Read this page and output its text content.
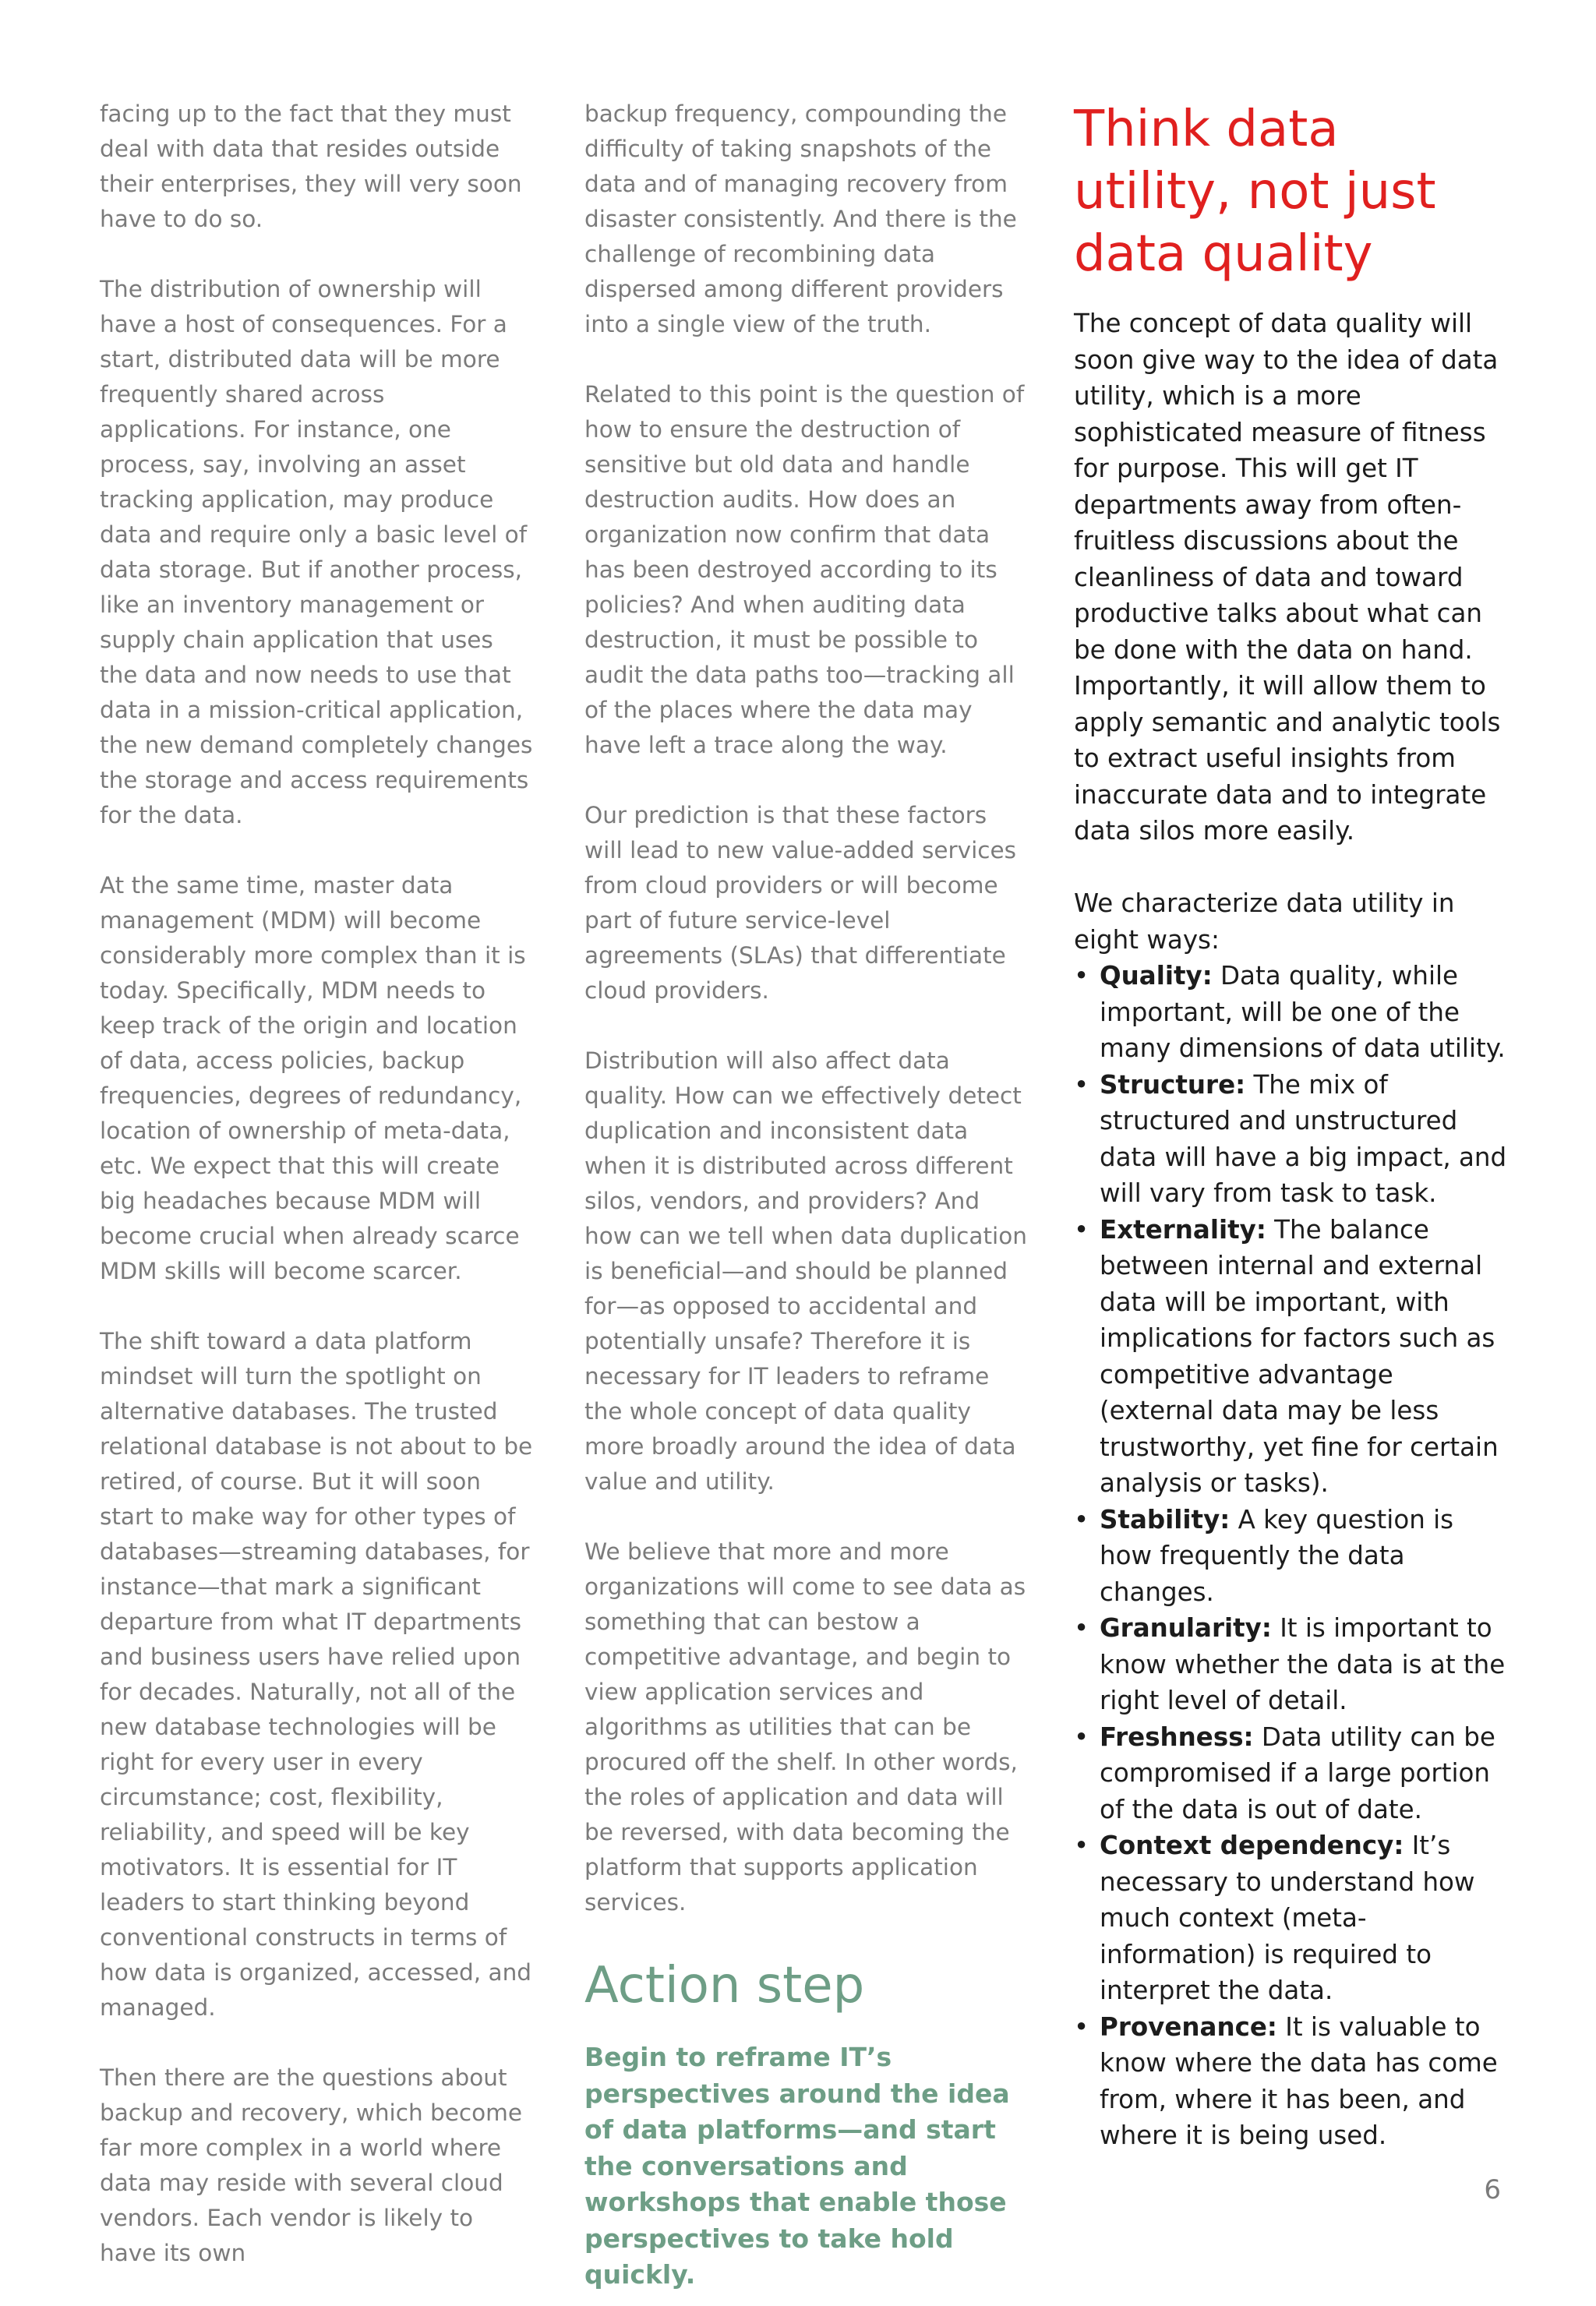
facing up to the fact that they must deal with data that resides outside their enterprises, they will very soon have to do so.

The distribution of ownership will have a host of consequences. For a start, distributed data will be more frequently shared across applications. For instance, one process, say, involving an asset tracking application, may produce data and require only a basic level of data storage. But if another process, like an inventory management or supply chain application that uses the data and now needs to use that data in a mission-critical application, the new demand completely changes the storage and access requirements for the data.

At the same time, master data management (MDM) will become considerably more complex than it is today. Specifically, MDM needs to keep track of the origin and location of data, access policies, backup frequencies, degrees of redundancy, location of ownership of meta-data, etc. We expect that this will create big headaches because MDM will become crucial when already scarce MDM skills will become scarcer.

The shift toward a data platform mindset will turn the spotlight on alternative databases. The trusted relational database is not about to be retired, of course. But it will soon start to make way for other types of databases—streaming databases, for instance—that mark a significant departure from what IT departments and business users have relied upon for decades. Naturally, not all of the new database technologies will be right for every user in every circumstance; cost, flexibility, reliability, and speed will be key motivators. It is essential for IT leaders to start thinking beyond conventional constructs in terms of how data is organized, accessed, and managed.

Then there are the questions about backup and recovery, which become far more complex in a world where data may reside with several cloud vendors. Each vendor is likely to have its own

backup frequency, compounding the difficulty of taking snapshots of the data and of managing recovery from disaster consistently. And there is the challenge of recombining data dispersed among different providers into a single view of the truth.

Related to this point is the question of how to ensure the destruction of sensitive but old data and handle destruction audits. How does an organization now confirm that data has been destroyed according to its policies? And when auditing data destruction, it must be possible to audit the data paths too—tracking all of the places where the data may have left a trace along the way.

Our prediction is that these factors will lead to new value-added services from cloud providers or will become part of future service-level agreements (SLAs) that differentiate cloud providers.

Distribution will also affect data quality. How can we effectively detect duplication and inconsistent data when it is distributed across different silos, vendors, and providers? And how can we tell when data duplication is beneficial—and should be planned for—as opposed to accidental and potentially unsafe? Therefore it is necessary for IT leaders to reframe the whole concept of data quality more broadly around the idea of data value and utility.

We believe that more and more organizations will come to see data as something that can bestow a competitive advantage, and begin to view application services and algorithms as utilities that can be procured off the shelf. In other words, the roles of application and data will be reversed, with data becoming the platform that supports application services.

Action step

Begin to reframe IT’s perspectives around the idea of data platforms—and start the conversations and workshops that enable those perspectives to take hold quickly.

Think data utility, not just data quality

The concept of data quality will soon give way to the idea of data utility, which is a more sophisticated measure of fitness for purpose. This will get IT departments away from often-fruitless discussions about the cleanliness of data and toward productive talks about what can be done with the data on hand. Importantly, it will allow them to apply semantic and analytic tools to extract useful insights from inaccurate data and to integrate data silos more easily.

We characterize data utility in eight ways:

• Quality: Data quality, while important, will be one of the many dimensions of data utility.
• Structure: The mix of structured and unstructured data will have a big impact, and will vary from task to task.
• Externality: The balance between internal and external data will be important, with implications for factors such as competitive advantage (external data may be less trustworthy, yet fine for certain analysis or tasks).
• Stability: A key question is how frequently the data changes.
• Granularity: It is important to know whether the data is at the right level of detail.
• Freshness: Data utility can be compromised if a large portion of the data is out of date.
• Context dependency: It’s necessary to understand how much context (meta-information) is required to interpret the data.
• Provenance: It is valuable to know where the data has come from, where it has been, and where it is being used.
6
